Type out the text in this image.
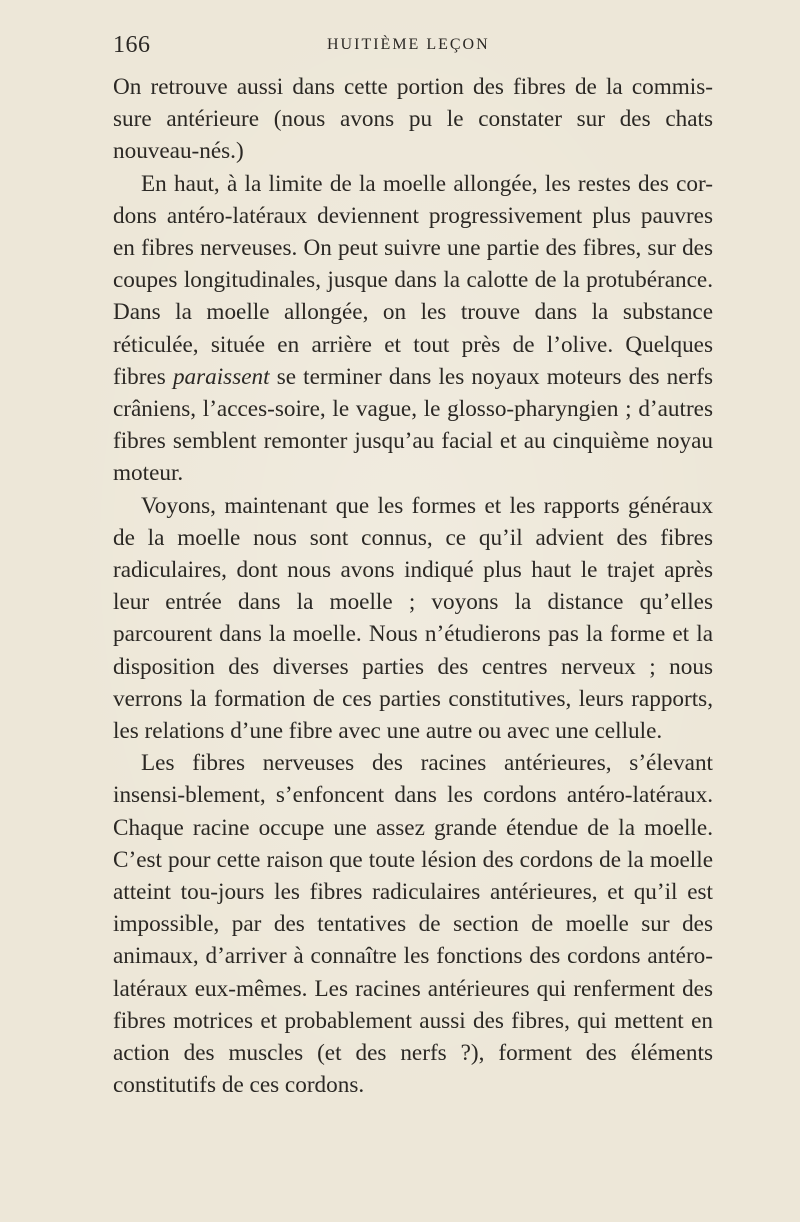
166	HUITIÈME LEÇON

On retrouve aussi dans cette portion des fibres de la commis-sure antérieure (nous avons pu le constater sur des chats nouveau-nés.)

En haut, à la limite de la moelle allongée, les restes des cor-dons antéro-latéraux deviennent progressivement plus pauvres en fibres nerveuses. On peut suivre une partie des fibres, sur des coupes longitudinales, jusque dans la calotte de la protubérance. Dans la moelle allongée, on les trouve dans la substance réticulée, située en arrière et tout près de l’olive. Quelques fibres paraissent se terminer dans les noyaux moteurs des nerfs crâniens, l’acces-soire, le vague, le glosso-pharyngien ; d’autres fibres semblent remonter jusqu’au facial et au cinquième noyau moteur.

Voyons, maintenant que les formes et les rapports généraux de la moelle nous sont connus, ce qu’il advient des fibres radiculaires, dont nous avons indiqué plus haut le trajet après leur entrée dans la moelle ; voyons la distance qu’elles parcourent dans la moelle. Nous n’étudierons pas la forme et la disposition des diverses parties des centres nerveux ; nous verrons la formation de ces parties constitutives, leurs rapports, les relations d’une fibre avec une autre ou avec une cellule.

Les fibres nerveuses des racines antérieures, s’élevant insensi-blement, s’enfoncent dans les cordons antéro-latéraux. Chaque racine occupe une assez grande étendue de la moelle. C’est pour cette raison que toute lésion des cordons de la moelle atteint tou-jours les fibres radiculaires antérieures, et qu’il est impossible, par des tentatives de section de moelle sur des animaux, d’arriver à connaître les fonctions des cordons antéro-latéraux eux-mêmes. Les racines antérieures qui renferment des fibres motrices et probablement aussi des fibres, qui mettent en action des muscles (et des nerfs ?), forment des éléments constitutifs de ces cordons.
